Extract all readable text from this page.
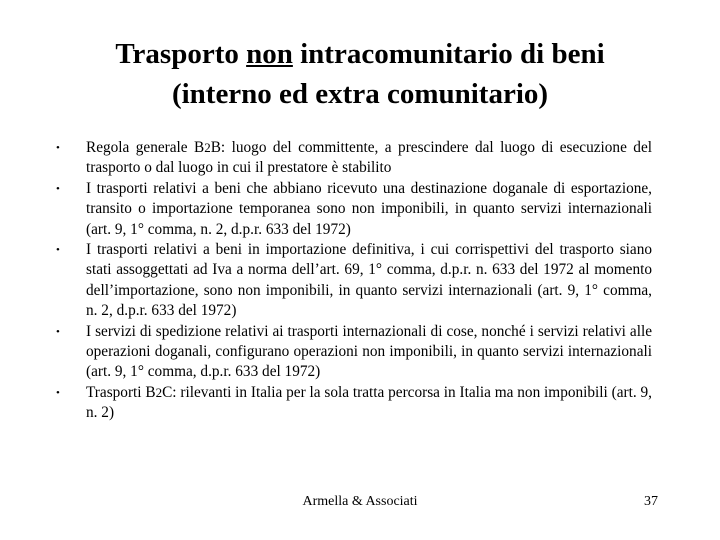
Trasporto non intracomunitario di beni
(interno ed extra comunitario)
• Regola generale B2B: luogo del committente, a prescindere dal luogo di esecuzione del trasporto o dal luogo in cui il prestatore è stabilito
• I trasporti relativi a beni che abbiano ricevuto una destinazione doganale di esportazione, transito o importazione temporanea sono non imponibili, in quanto servizi internazionali (art. 9, 1° comma, n. 2, d.p.r. 633 del 1972)
• I trasporti relativi a beni in importazione definitiva, i cui corrispettivi del trasporto siano stati assoggettati ad Iva a norma dell’art. 69, 1° comma, d.p.r. n. 633 del 1972 al momento dell’importazione, sono non imponibili, in quanto servizi internazionali (art. 9, 1° comma, n. 2, d.p.r. 633 del 1972)
• I servizi di spedizione relativi ai trasporti internazionali di cose, nonché i servizi relativi alle operazioni doganali, configurano operazioni non imponibili, in quanto servizi internazionali (art. 9, 1° comma, d.p.r. 633 del 1972)
• Trasporti B2C: rilevanti in Italia per la sola tratta percorsa in Italia ma non imponibili (art. 9, n. 2)
Armella & Associati	37
